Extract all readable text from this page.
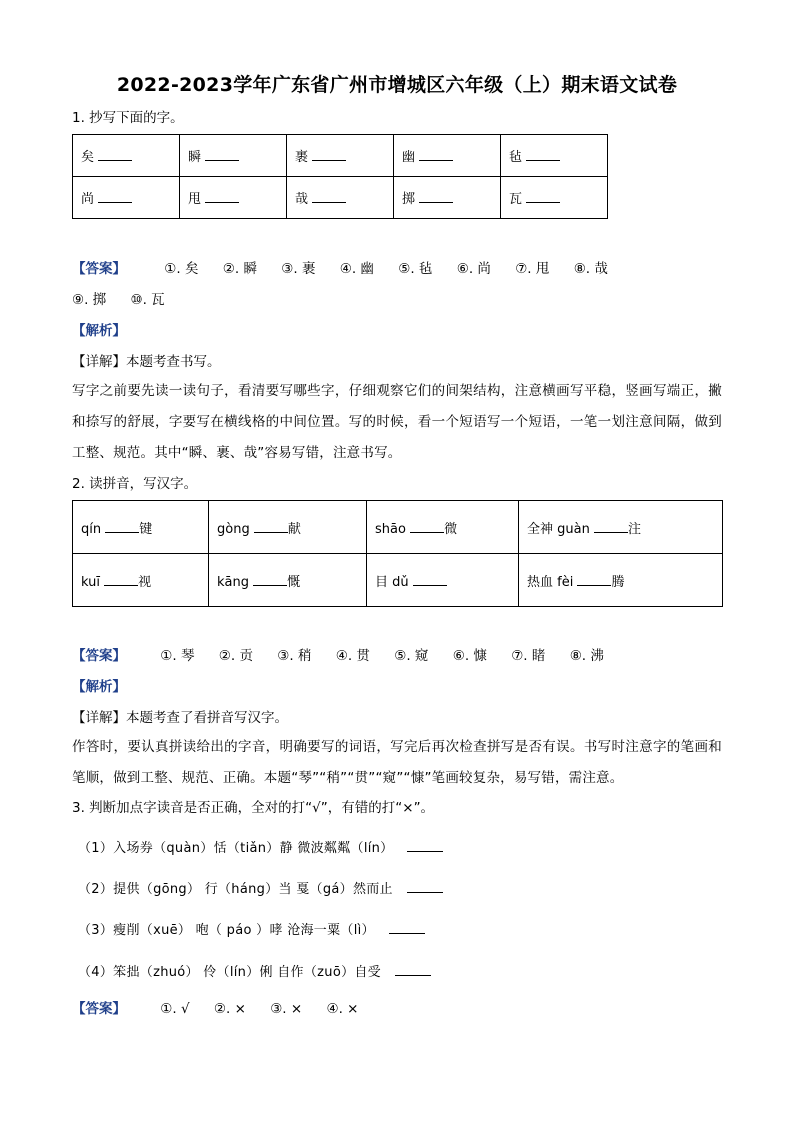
2022-2023学年广东省广州市增城区六年级（上）期末语文试卷
1. 抄写下面的字。
矣	瞬	裹	幽	毡
尚	甩	哉	掷	瓦
【答案】	①. 矣 ②. 瞬 ③. 裹 ④. 幽 ⑤. 毡 ⑥. 尚 ⑦. 甩 ⑧. 哉
⑨. 掷 ⑩. 瓦
【解析】
【详解】本题考查书写。
写字之前要先读一读句子，看清要写哪些字，仔细观察它们的间架结构，注意横画写平稳，竖画写端正，撇和捺写的舒展，字要写在横线格的中间位置。写的时候，看一个短语写一个短语，一笔一划注意间隔，做到工整、规范。其中“瞬、裹、哉”容易写错，注意书写。
2. 读拼音，写汉字。
qín 键	gòng 献	shāo 微	全神 guàn 注
kuī 视	kāng 慨	目 dǔ	热血 fèi 腾
【答案】	①. 琴 ②. 贡 ③. 稍 ④. 贯 ⑤. 窥 ⑥. 慷 ⑦. 睹 ⑧. 沸
【解析】
【详解】本题考查了看拼音写汉字。
作答时，要认真拼读给出的字音，明确要写的词语，写完后再次检查拼写是否有误。书写时注意字的笔画和笔顺，做到工整、规范、正确。本题“琴”“稍”“贯”“窥”“慷”笔画较复杂，易写错，需注意。
3. 判断加点字读音是否正确，全对的打“√”，有错的打“×”。
（1）入场券（quàn）恬（tiǎn）静 微波粼粼（lín）
（2）提供（gōng） 行（háng）当 戛（gá）然而止
（3）瘦削（xuē） 咆（ páo ）哮 沧海一粟（lì）
（4）笨拙（zhuó） 伶（lín）俐 自作（zuō）自受
【答案】	①. √ ②. × ③. × ④. ×
